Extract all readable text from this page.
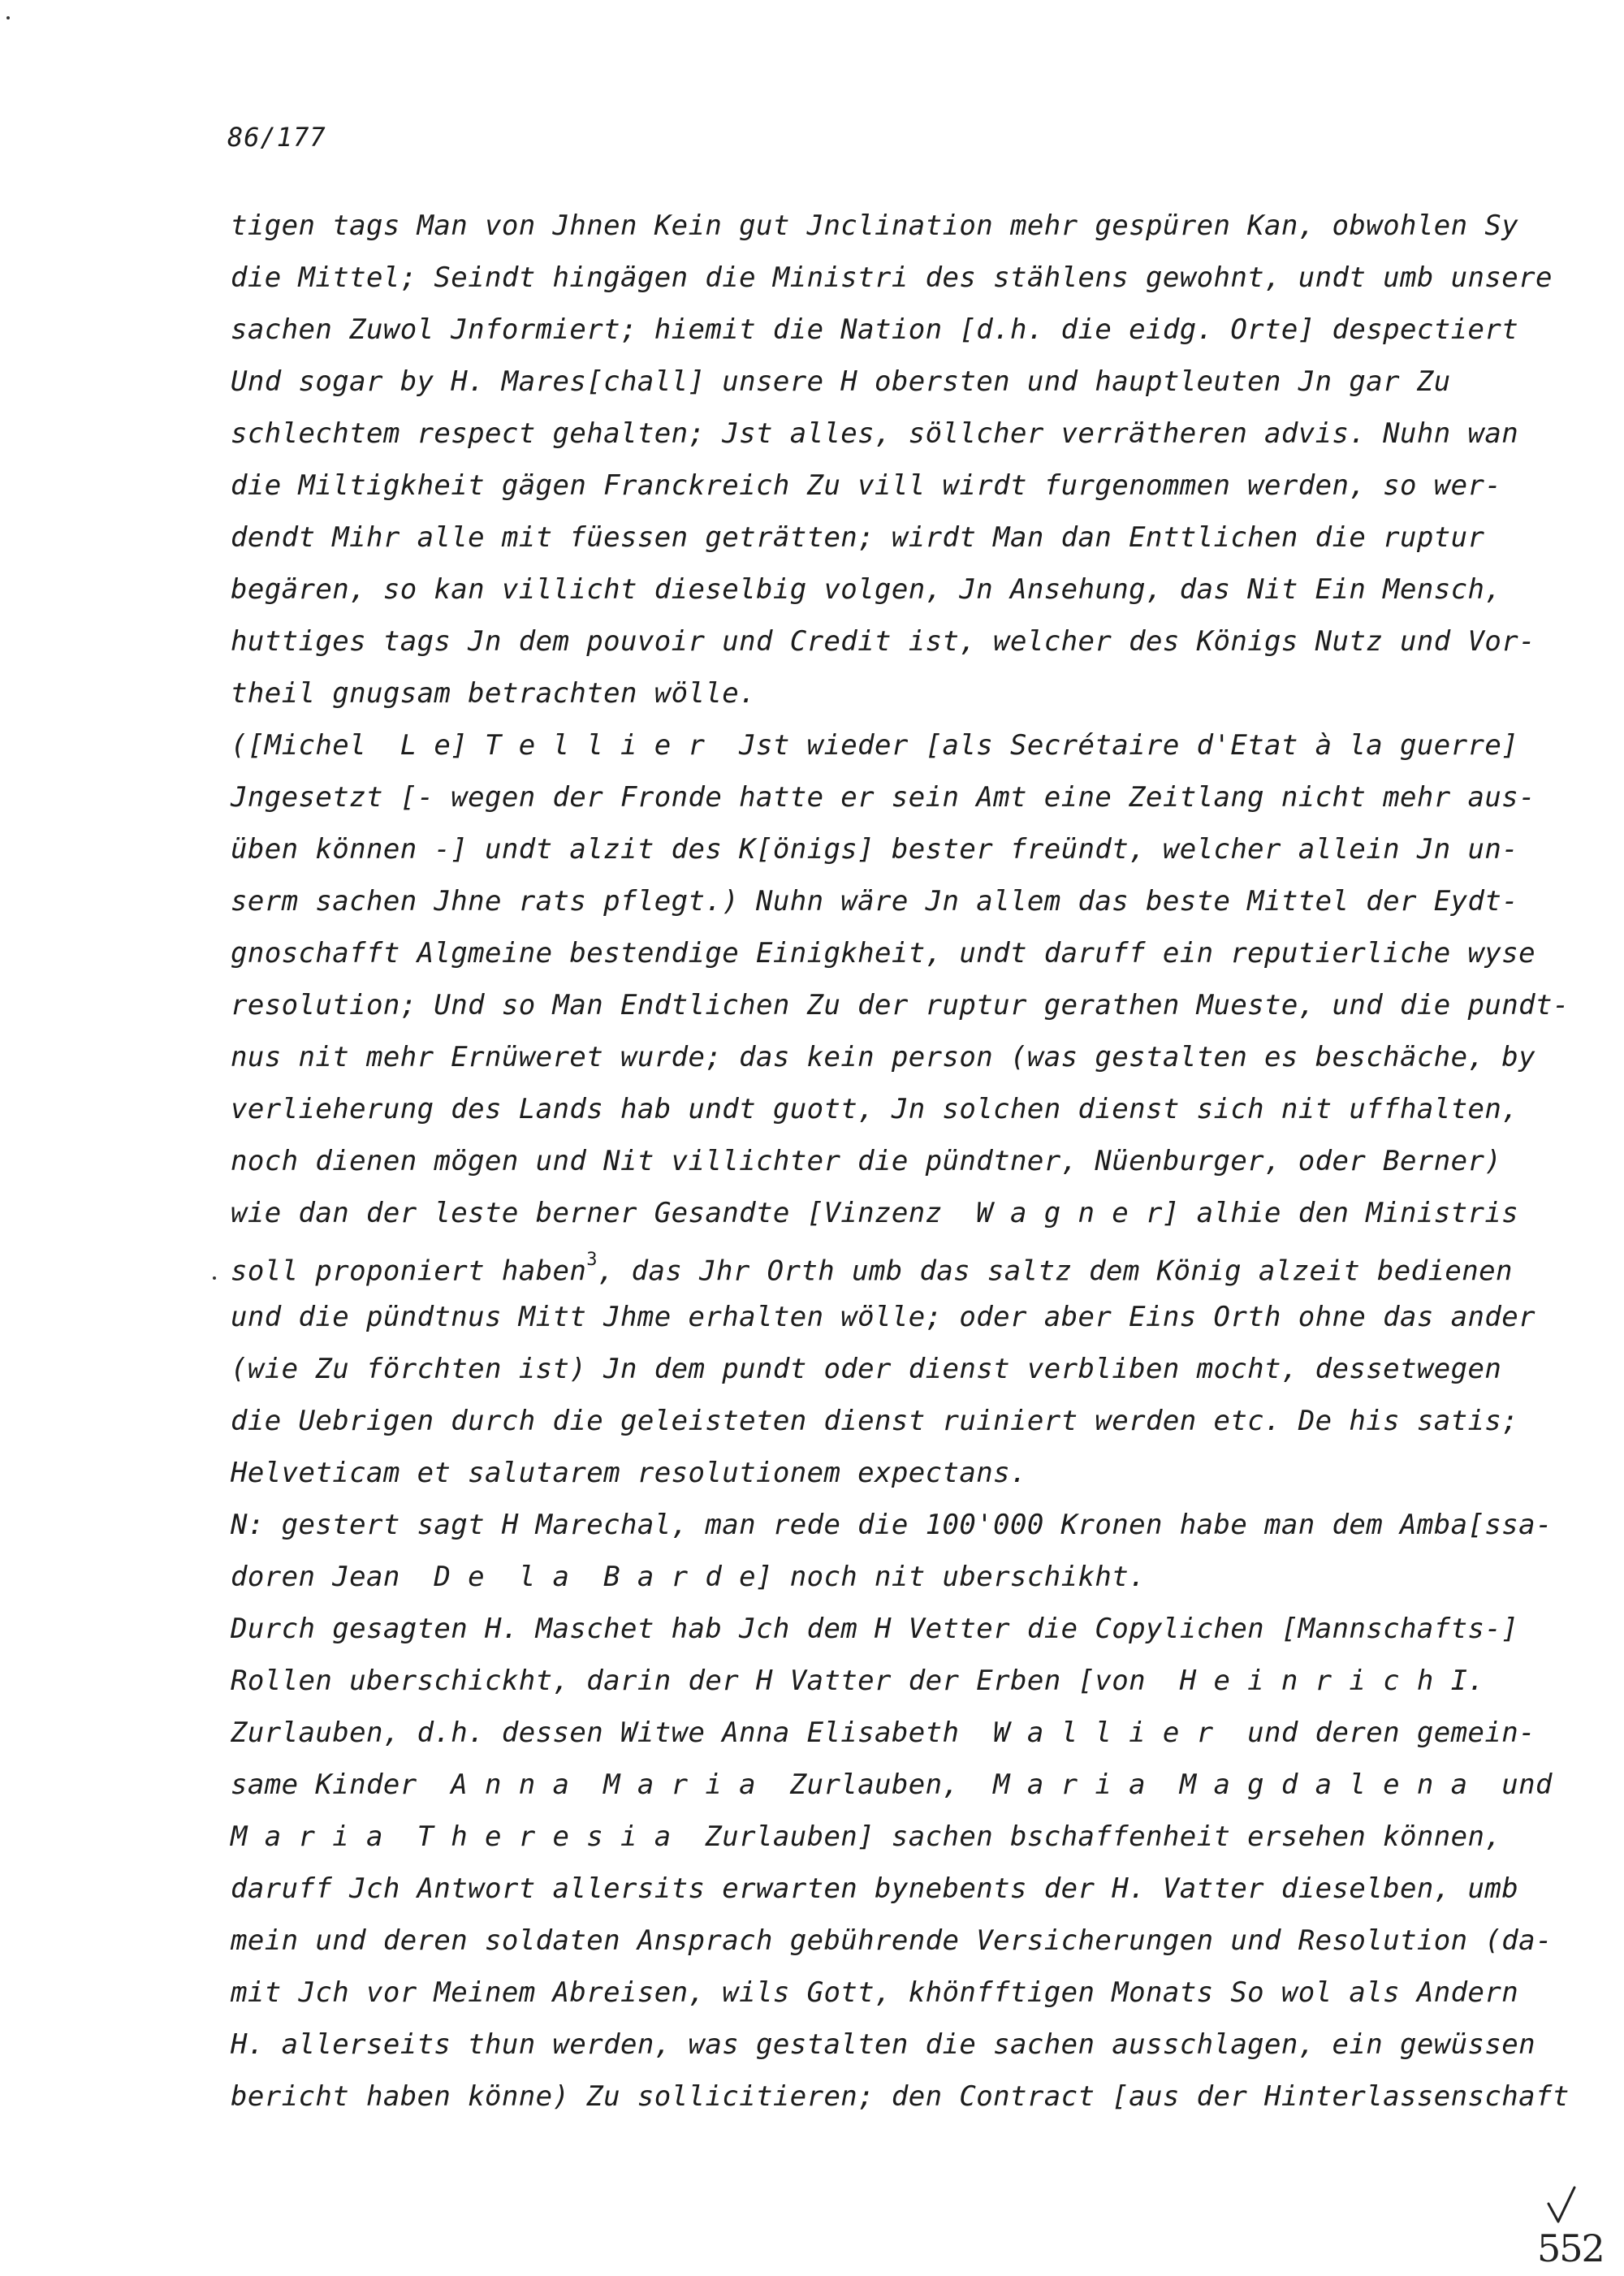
86/177
tigen tags Man von Jhnen Kein gut Jnclination mehr gespüren Kan, obwohlen Sy
die Mittel; Seindt hingägen die Ministri des stählens gewohnt, undt umb unsere
sachen Zuwol Jnformiert; hiemit die Nation [d.h. die eidg. Orte] despectiert
Und sogar by H. Mares[chall] unsere H obersten und hauptleuten Jn gar Zu
schlechtem respect gehalten; Jst alles, söllcher verrätheren advis. Nuhn wan
die Miltigkheit gägen Franckreich Zu vill wirdt furgenommen werden, so wer-
dendt Mihr alle mit füessen geträtten; wirdt Man dan Enttlichen die ruptur
begären, so kan villicht dieselbig volgen, Jn Ansehung, das Nit Ein Mensch,
huttiges tags Jn dem pouvoir und Credit ist, welcher des Königs Nutz und Vor-
theil gnugsam betrachten wölle.
([Michel  L e] T e l l i e r  Jst wieder [als Secrétaire d'Etat à la guerre]
Jngesetzt [- wegen der Fronde hatte er sein Amt eine Zeitlang nicht mehr aus-
üben können -] undt alzit des K[önigs] bester freündt, welcher allein Jn un-
serm sachen Jhne rats pflegt.) Nuhn wäre Jn allem das beste Mittel der Eydt-
gnoschafft Algmeine bestendige Einigkheit, undt daruff ein reputierliche wyse
resolution; Und so Man Endtlichen Zu der ruptur gerathen Mueste, und die pundt-
nus nit mehr Ernüweret wurde; das kein person (was gestalten es beschäche, by
verlieherung des Lands hab undt guott, Jn solchen dienst sich nit uffhalten,
noch dienen mögen und Nit villichter die pündtner, Nüenburger, oder Berner)
wie dan der leste berner Gesandte [Vinzenz  W a g n e r] alhie den Ministris
soll proponiert haben$^3$, das Jhr Orth umb das saltz dem König alzeit bedienen
und die pündtnus Mitt Jhme erhalten wölle; oder aber Eins Orth ohne das ander
(wie Zu förchten ist) Jn dem pundt oder dienst verbliben mocht, dessetwegen
die Uebrigen durch die geleisteten dienst ruiniert werden etc. De his satis;
Helveticam et salutarem resolutionem expectans.
N: gestert sagt H Marechal, man rede die 100'000 Kronen habe man dem Amba[ssa-
doren Jean  D e  l a  B a r d e] noch nit uberschikht.
Durch gesagten H. Maschet hab Jch dem H Vetter die Copylichen [Mannschafts-]
Rollen uberschickht, darin der H Vatter der Erben [von  H e i n r i c h I.
Zurlauben, d.h. dessen Witwe Anna Elisabeth  W a l l i e r  und deren gemein-
same Kinder  A n n a  M a r i a  Zurlauben,  M a r i a  M a g d a l e n a  und
M a r i a  T h e r e s i a  Zurlauben] sachen bschaffenheit ersehen können,
daruff Jch Antwort allersits erwarten bynebents der H. Vatter dieselben, umb
mein und deren soldaten Ansprach gebührende Versicherungen und Resolution (da-
mit Jch vor Meinem Abreisen, wils Gott, khönfftigen Monats So wol als Andern
H. allerseits thun werden, was gestalten die sachen ausschlagen, ein gewüssen
bericht haben könne) Zu sollicitieren; den Contract [aus der Hinterlassenschaft
552
